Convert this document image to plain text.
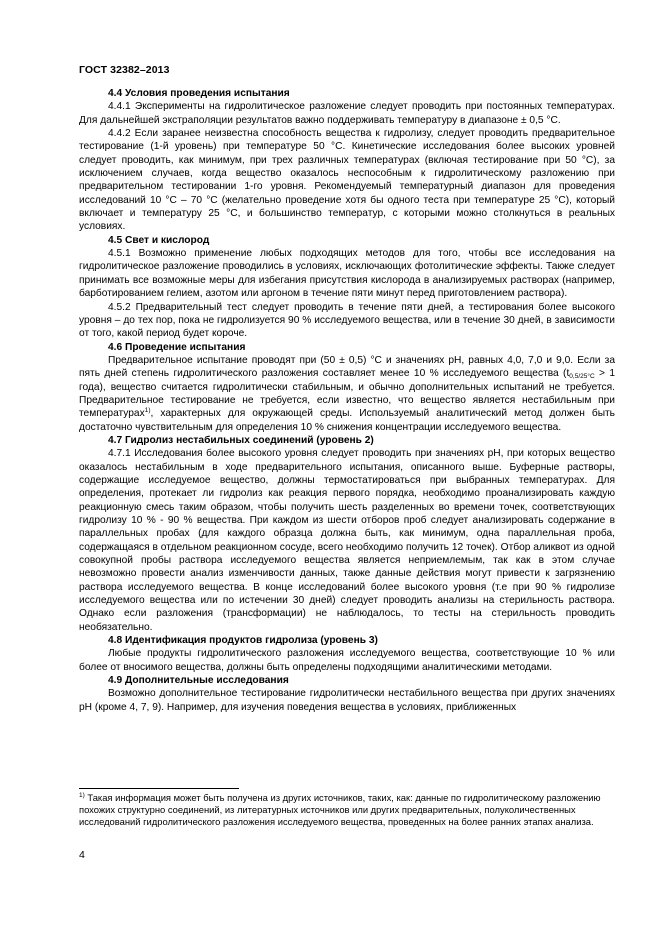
ГОСТ 32382–2013
4.4 Условия проведения испытания

4.4.1 Эксперименты на гидролитическое разложение следует проводить при постоянных температурах. Для дальнейшей экстраполяции результатов важно поддерживать температуру в диапазоне ± 0,5 °С.

4.4.2 Если заранее неизвестна способность вещества к гидролизу, следует проводить предварительное тестирование (1-й уровень) при температуре 50 °С. Кинетические исследования более высоких уровней следует проводить, как минимум, при трех различных температурах (включая тестирование при 50 °С), за исключением случаев, когда вещество оказалось неспособным к гидролитическому разложению при предварительном тестировании 1-го уровня. Рекомендуемый температурный диапазон для проведения исследований 10 °С – 70 °С (желательно проведение хотя бы одного теста при температуре 25 °С), который включает и температуру 25 °С, и большинство температур, с которыми можно столкнуться в реальных условиях.

4.5 Свет и кислород

4.5.1 Возможно применение любых подходящих методов для того, чтобы все исследования на гидролитическое разложение проводились в условиях, исключающих фотолитические эффекты. Также следует принимать все возможные меры для избегания присутствия кислорода в анализируемых растворах (например, барботированием гелием, азотом или аргоном в течение пяти минут перед приготовлением раствора).

4.5.2 Предварительный тест следует проводить в течение пяти дней, а тестирования более высокого уровня – до тех пор, пока не гидролизуется 90 % исследуемого вещества, или в течение 30 дней, в зависимости от того, какой период будет короче.

4.6 Проведение испытания

Предварительное испытание проводят при (50 ± 0,5) °С и значениях рН, равных 4,0, 7,0 и 9,0. Если за пять дней степень гидролитического разложения составляет менее 10 % исследуемого вещества ($t_{0,5/25^\circ С} > 1$ года), вещество считается гидролитически стабильным, и обычно дополнительных испытаний не требуется. Предварительное тестирование не требуется, если известно, что вещество является нестабильным при температурах$^{1)}$, характерных для окружающей среды. Используемый аналитический метод должен быть достаточно чувствительным для определения 10 % снижения концентрации исследуемого вещества.

4.7 Гидролиз нестабильных соединений (уровень 2)

4.7.1 Исследования более высокого уровня следует проводить при значениях рН, при которых вещество оказалось нестабильным в ходе предварительного испытания, описанного выше. Буферные растворы, содержащие исследуемое вещество, должны термостатироваться при выбранных температурах. Для определения, протекает ли гидролиз как реакция первого порядка, необходимо проанализировать каждую реакционную смесь таким образом, чтобы получить шесть разделенных во времени точек, соответствующих гидролизу 10 % - 90 % вещества. При каждом из шести отборов проб следует анализировать содержание в параллельных пробах (для каждого образца должна быть, как минимум, одна параллельная проба, содержащаяся в отдельном реакционном сосуде, всего необходимо получить 12 точек). Отбор аликвот из одной совокупной пробы раствора исследуемого вещества является неприемлемым, так как в этом случае невозможно провести анализ изменчивости данных, также данные действия могут привести к загрязнению раствора исследуемого вещества. В конце исследований более высокого уровня (т.е при 90 % гидролизе исследуемого вещества или по истечении 30 дней) следует проводить анализы на стерильность раствора. Однако если разложения (трансформации) не наблюдалось, то тесты на стерильность проводить необязательно.

4.8 Идентификация продуктов гидролиза (уровень 3)

Любые продукты гидролитического разложения исследуемого вещества, соответствующие 10 % или более от вносимого вещества, должны быть определены подходящими аналитическими методами.

4.9 Дополнительные исследования

Возможно дополнительное тестирование гидролитически нестабильного вещества при других значениях рН (кроме 4, 7, 9). Например, для изучения поведения вещества в условиях, приближенных

$^{1)}$ Такая информация может быть получена из других источников, таких, как: данные по гидролитическому разложению похожих структурно соединений, из литературных источников или других предварительных, полуколичественных исследований гидролитического разложения исследуемого вещества, проведенных на более ранних этапах анализа.
4
